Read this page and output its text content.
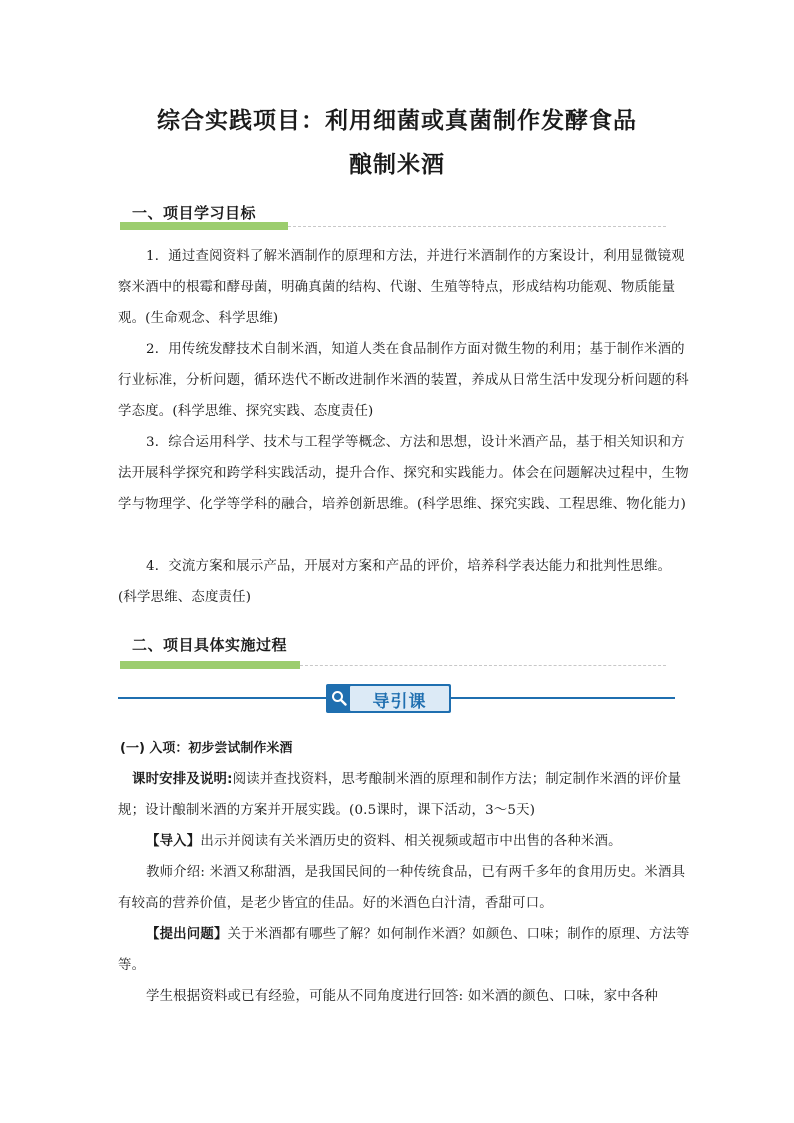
综合实践项目：利用细菌或真菌制作发酵食品
酿制米酒
一、项目学习目标
1．通过查阅资料了解米酒制作的原理和方法，并进行米酒制作的方案设计，利用显微镜观察米酒中的根霉和酵母菌，明确真菌的结构、代谢、生殖等特点，形成结构功能观、物质能量观。(生命观念、科学思维)
2．用传统发酵技术自制米酒，知道人类在食品制作方面对微生物的利用；基于制作米酒的行业标准，分析问题，循环迭代不断改进制作米酒的装置，养成从日常生活中发现分析问题的科学态度。(科学思维、探究实践、态度责任)
3．综合运用科学、技术与工程学等概念、方法和思想，设计米酒产品，基于相关知识和方法开展科学探究和跨学科实践活动，提升合作、探究和实践能力。体会在问题解决过程中，生物学与物理学、化学等学科的融合，培养创新思维。(科学思维、探究实践、工程思维、物化能力)
4．交流方案和展示产品，开展对方案和产品的评价，培养科学表达能力和批判性思维。(科学思维、态度责任)
二、项目具体实施过程
导引课
(一) 入项：初步尝试制作米酒
课时安排及说明:阅读并查找资料，思考酿制米酒的原理和制作方法；制定制作米酒的评价量规；设计酿制米酒的方案并开展实践。(0.5课时，课下活动，3～5天)
【导入】出示并阅读有关米酒历史的资料、相关视频或超市中出售的各种米酒。
教师介绍: 米酒又称甜酒，是我国民间的一种传统食品，已有两千多年的食用历史。米酒具有较高的营养价值，是老少皆宜的佳品。好的米酒色白汁清，香甜可口。
【提出问题】关于米酒都有哪些了解？如何制作米酒？如颜色、口味；制作的原理、方法等等。
学生根据资料或已有经验，可能从不同角度进行回答: 如米酒的颜色、口味，家中各种
